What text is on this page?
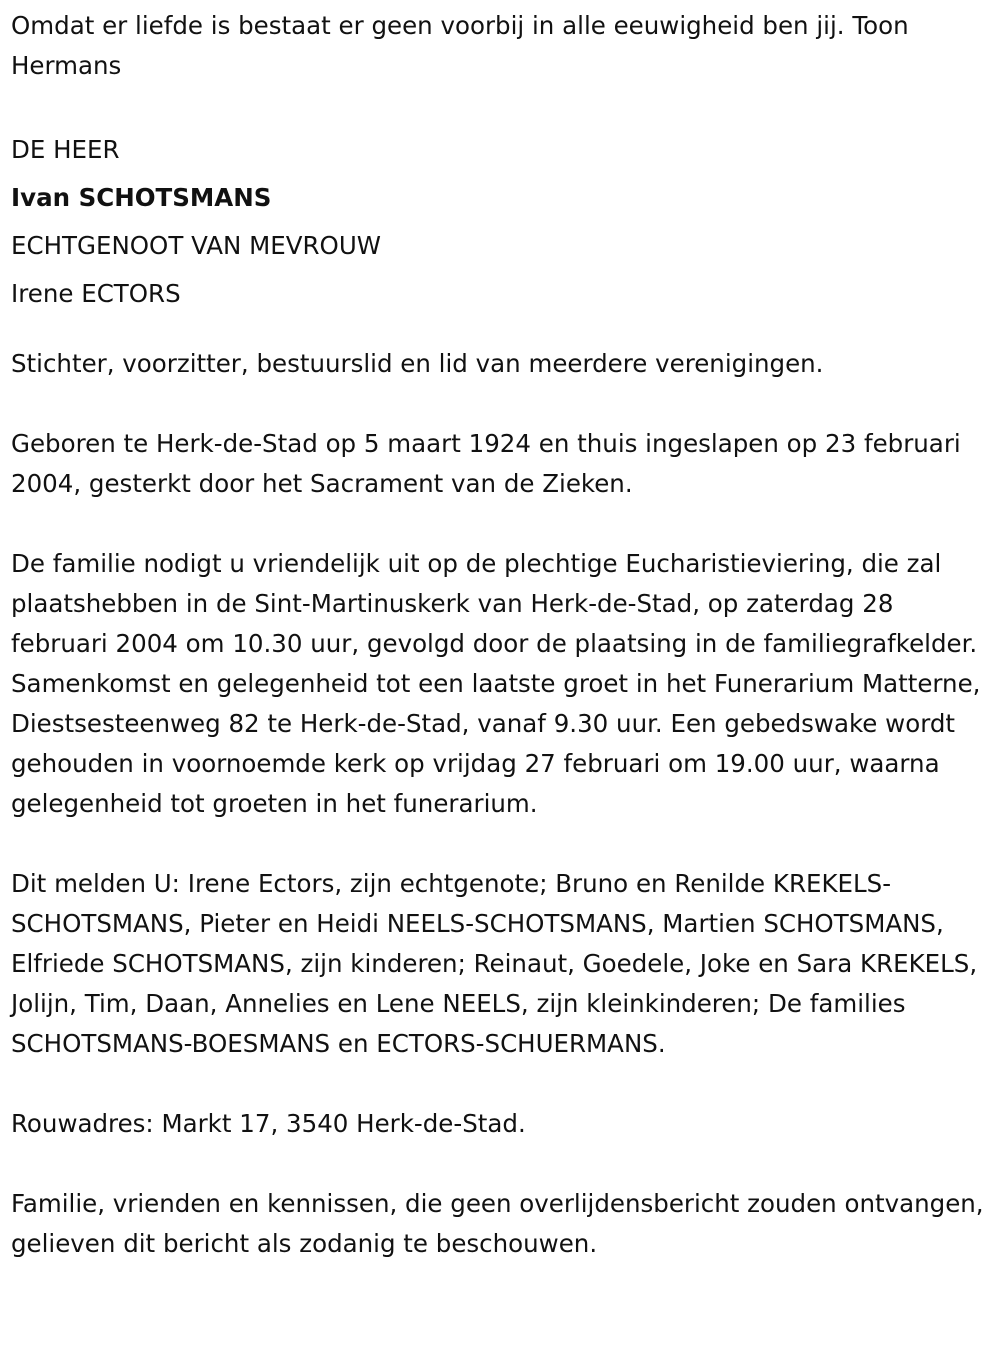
Omdat er liefde is bestaat er geen voorbij in alle eeuwigheid ben jij. Toon Hermans

DE HEER
Ivan SCHOTSMANS
ECHTGENOOT VAN MEVROUW
Irene ECTORS

Stichter, voorzitter, bestuurslid en lid van meerdere verenigingen.

Geboren te Herk-de-Stad op 5 maart 1924 en thuis ingeslapen op 23 februari 2004, gesterkt door het Sacrament van de Zieken.

De familie nodigt u vriendelijk uit op de plechtige Eucharistieviering, die zal plaatshebben in de Sint-Martinuskerk van Herk-de-Stad, op zaterdag 28 februari 2004 om 10.30 uur, gevolgd door de plaatsing in de familiegrafkelder. Samenkomst en gelegenheid tot een laatste groet in het Funerarium Matterne, Diestsesteenweg 82 te Herk-de-Stad, vanaf 9.30 uur. Een gebedswake wordt gehouden in voornoemde kerk op vrijdag 27 februari om 19.00 uur, waarna gelegenheid tot groeten in het funerarium.

Dit melden U: Irene Ectors, zijn echtgenote; Bruno en Renilde KREKELS-SCHOTSMANS, Pieter en Heidi NEELS-SCHOTSMANS, Martien SCHOTSMANS, Elfriede SCHOTSMANS, zijn kinderen; Reinaut, Goedele, Joke en Sara KREKELS, Jolijn, Tim, Daan, Annelies en Lene NEELS, zijn kleinkinderen; De families SCHOTSMANS-BOESMANS en ECTORS-SCHUERMANS.

Rouwadres: Markt 17, 3540 Herk-de-Stad.

Familie, vrienden en kennissen, die geen overlijdensbericht zouden ontvangen, gelieven dit bericht als zodanig te beschouwen.
